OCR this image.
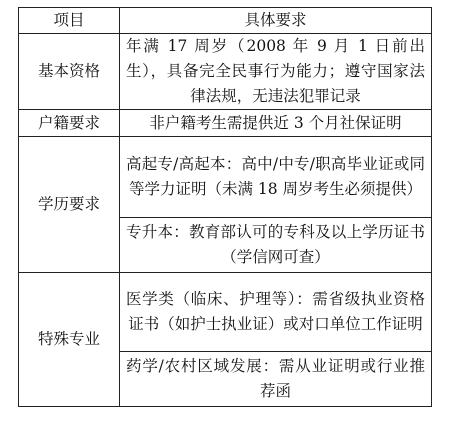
项目	具体要求
基本资格	年满 17 周岁（2008 年 9 月 1 日前出生），具备完全民事行为能力；遵守国家法律法规，无违法犯罪记录
户籍要求	非户籍考生需提供近 3 个月社保证明
学历要求	高起专/高起本：高中/中专/职高毕业证或同等学力证明（未满 18 周岁考生必须提供）
	专升本：教育部认可的专科及以上学历证书（学信网可查）
特殊专业	医学类（临床、护理等）：需省级执业资格证书（如护士执业证）或对口单位工作证明
	药学/农村区域发展：需从业证明或行业推荐函
